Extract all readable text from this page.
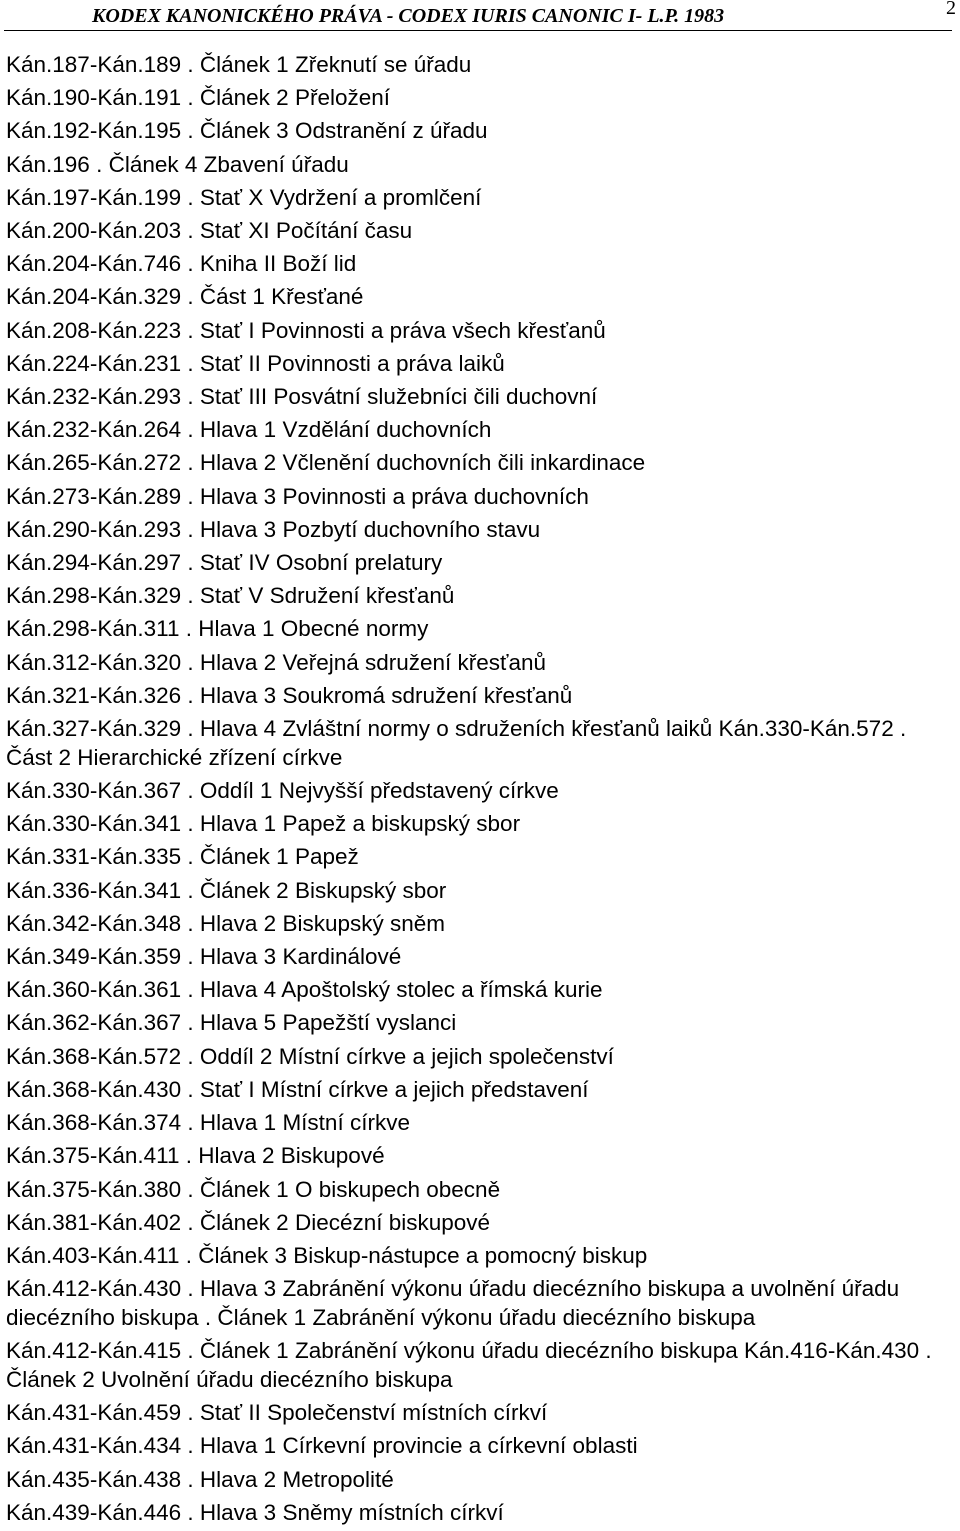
KODEX KANONICKÉHO PRÁVA - CODEX IURIS CANONIC I- L.P. 1983	2
Kán.187-Kán.189 . Článek 1 Zřeknutí se úřadu
Kán.190-Kán.191 . Článek 2 Přeložení
Kán.192-Kán.195 . Článek 3 Odstranění z úřadu
Kán.196 . Článek 4 Zbavení úřadu
Kán.197-Kán.199 . Stať X Vydržení a promlčení
Kán.200-Kán.203 . Stať XI Počítání času
Kán.204-Kán.746 . Kniha II Boží lid
Kán.204-Kán.329 . Část 1 Křesťané
Kán.208-Kán.223 . Stať I Povinnosti a práva všech křesťanů
Kán.224-Kán.231 . Stať II Povinnosti a práva laiků
Kán.232-Kán.293 . Stať III Posvátní služebníci čili duchovní
Kán.232-Kán.264 . Hlava 1 Vzdělání duchovních
Kán.265-Kán.272 . Hlava 2 Včlenění duchovních čili inkardinace
Kán.273-Kán.289 . Hlava 3 Povinnosti a práva duchovních
Kán.290-Kán.293 . Hlava 3 Pozbytí duchovního stavu
Kán.294-Kán.297 . Stať IV Osobní prelatury
Kán.298-Kán.329 . Stať V Sdružení křesťanů
Kán.298-Kán.311 . Hlava 1 Obecné normy
Kán.312-Kán.320 . Hlava 2 Veřejná sdružení křesťanů
Kán.321-Kán.326 . Hlava 3 Soukromá sdružení křesťanů
Kán.327-Kán.329 . Hlava 4 Zvláštní normy o sdruženích křesťanů laiků Kán.330-Kán.572 . Část 2 Hierarchické zřízení církve
Kán.330-Kán.367 . Oddíl 1 Nejvyšší představený církve
Kán.330-Kán.341 . Hlava 1 Papež a biskupský sbor
Kán.331-Kán.335 . Článek 1 Papež
Kán.336-Kán.341 . Článek 2 Biskupský sbor
Kán.342-Kán.348 . Hlava 2 Biskupský sněm
Kán.349-Kán.359 . Hlava 3 Kardinálové
Kán.360-Kán.361 . Hlava 4 Apoštolský stolec a římská kurie
Kán.362-Kán.367 . Hlava 5 Papežští vyslanci
Kán.368-Kán.572 . Oddíl 2 Místní církve a jejich společenství
Kán.368-Kán.430 . Stať I Místní církve a jejich představení
Kán.368-Kán.374 . Hlava 1 Místní církve
Kán.375-Kán.411 . Hlava 2 Biskupové
Kán.375-Kán.380 . Článek 1 O biskupech obecně
Kán.381-Kán.402 . Článek 2 Diecézní biskupové
Kán.403-Kán.411 . Článek 3 Biskup-nástupce a pomocný biskup
Kán.412-Kán.430 . Hlava 3 Zabránění výkonu úřadu diecézního biskupa a uvolnění úřadu diecézního biskupa . Článek 1 Zabránění výkonu úřadu diecézního biskupa
Kán.412-Kán.415 . Článek 1 Zabránění výkonu úřadu diecézního biskupa Kán.416-Kán.430 . Článek 2 Uvolnění úřadu diecézního biskupa
Kán.431-Kán.459 . Stať II Společenství místních církví
Kán.431-Kán.434 . Hlava 1 Církevní provincie a církevní oblasti
Kán.435-Kán.438 . Hlava 2 Metropolité
Kán.439-Kán.446 . Hlava 3 Sněmy místních církví
